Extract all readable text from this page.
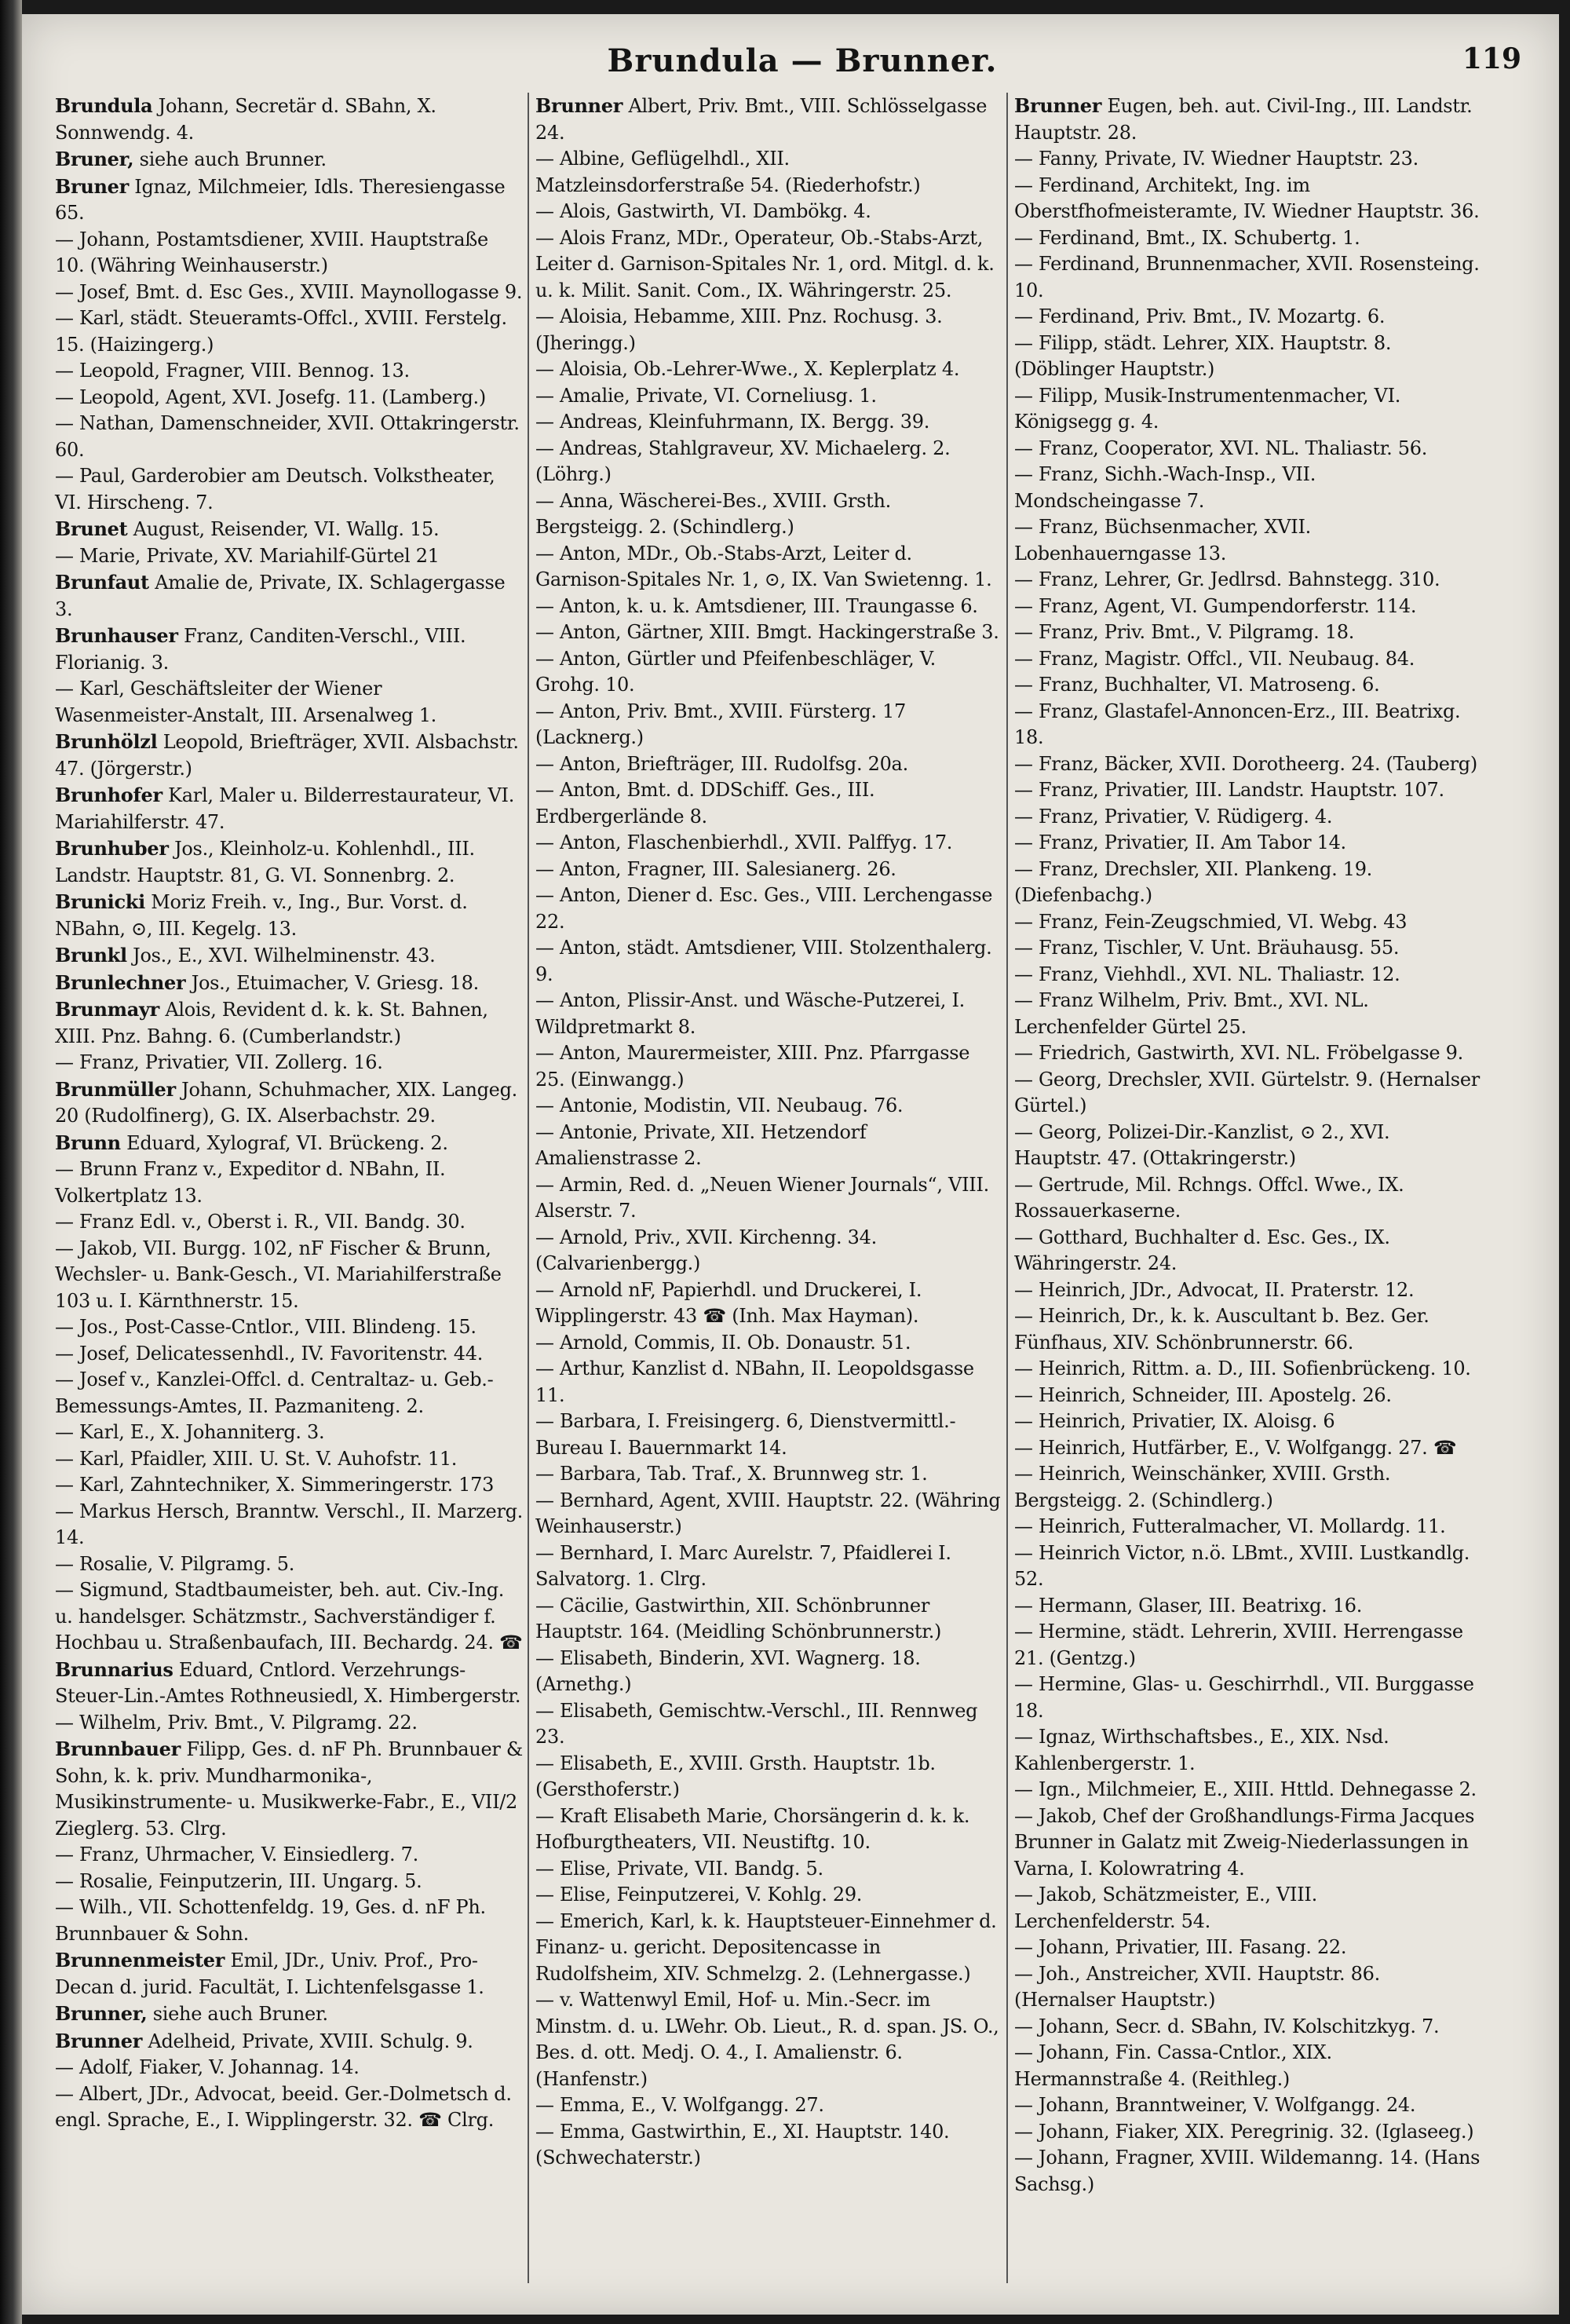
Brundula — Brunner.	119

Brundula Johann, Secretär d. SBahn, X. Sonnwendg. 4.

Bruner, siehe auch Brunner.

Bruner Ignaz, Milchmeier, Idls. Theresiengasse 65.

— Johann, Postamtsdiener, XVIII. Hauptstraße 10. (Währing Weinhauserstr.)

— Josef, Bmt. d. Esc Ges., XVIII. Maynollogasse 9.

— Karl, städt. Steueramts-Offcl., XVIII. Ferstelg. 15. (Haizingerg.)

— Leopold, Fragner, VIII. Bennog. 13.

— Leopold, Agent, XVI. Josefg. 11. (Lamberg.)

— Nathan, Damenschneider, XVII. Ottakringerstr. 60.

— Paul, Garderobier am Deutsch. Volkstheater, VI. Hirscheng. 7.

Brunet August, Reisender, VI. Wallg. 15.

— Marie, Private, XV. Mariahilf-Gürtel 21

Brunfaut Amalie de, Private, IX. Schlagergasse 3.

Brunhauser Franz, Canditen-Verschl., VIII. Florianig. 3.

— Karl, Geschäftsleiter der Wiener Wasenmeister-Anstalt, III. Arsenalweg 1.

Brunhölzl Leopold, Briefträger, XVII. Alsbachstr. 47. (Jörgerstr.)

Brunhofer Karl, Maler u. Bilderrestaurateur, VI. Mariahilferstr. 47.

Brunhuber Jos., Kleinholz-u. Kohlenhdl., III. Landstr. Hauptstr. 81, G. VI. Sonnenbrg. 2.

Brunicki Moriz Freih. v., Ing., Bur. Vorst. d. NBahn, ⊙, III. Kegelg. 13.

Brunkl Jos., E., XVI. Wilhelminenstr. 43.

Brunlechner Jos., Etuimacher, V. Griesg. 18.

Brunmayr Alois, Revident d. k. k. St. Bahnen, XIII. Pnz. Bahng. 6. (Cumberlandstr.)

— Franz, Privatier, VII. Zollerg. 16.

Brunmüller Johann, Schuhmacher, XIX. Langeg. 20 (Rudolfinerg), G. IX. Alserbachstr. 29.

Brunn Eduard, Xylograf, VI. Brückeng. 2.

— Brunn Franz v., Expeditor d. NBahn, II. Volkertplatz 13.

— Franz Edl. v., Oberst i. R., VII. Bandg. 30.

— Jakob, VII. Burgg. 102, nF Fischer & Brunn, Wechsler- u. Bank-Gesch., VI. Mariahilferstraße 103 u. I. Kärnthnerstr. 15.

— Jos., Post-Casse-Cntlor., VIII. Blindeng. 15.

— Josef, Delicatessenhdl., IV. Favoritenstr. 44.

— Josef v., Kanzlei-Offcl. d. Centraltaz- u. Geb.-Bemessungs-Amtes, II. Pazmaniteng. 2.

— Karl, E., X. Johanniterg. 3.

— Karl, Pfaidler, XIII. U. St. V. Auhofstr. 11.

— Karl, Zahntechniker, X. Simmeringerstr. 173

— Markus Hersch, Branntw. Verschl., II. Marzerg. 14.

— Rosalie, V. Pilgramg. 5.

— Sigmund, Stadtbaumeister, beh. aut. Civ.-Ing. u. handelsger. Schätzmstr., Sachverständiger f. Hochbau u. Straßenbaufach, III. Bechardg. 24. ☎

Brunnarius Eduard, Cntlord. Verzehrungs-Steuer-Lin.-Amtes Rothneusiedl, X. Himbergerstr.

— Wilhelm, Priv. Bmt., V. Pilgramg. 22.

Brunnbauer Filipp, Ges. d. nF Ph. Brunnbauer & Sohn, k. k. priv. Mundharmonika-, Musikinstrumente- u. Musikwerke-Fabr., E., VII/2 Zieglerg. 53. Clrg.

— Franz, Uhrmacher, V. Einsiedlerg. 7.

— Rosalie, Feinputzerin, III. Ungarg. 5.

— Wilh., VII. Schottenfeldg. 19, Ges. d. nF Ph. Brunnbauer & Sohn.

Brunnenmeister Emil, JDr., Univ. Prof., Pro-Decan d. jurid. Facultät, I. Lichtenfelsgasse 1.

Brunner, siehe auch Bruner.

Brunner Adelheid, Private, XVIII. Schulg. 9.

— Adolf, Fiaker, V. Johannag. 14.

— Albert, JDr., Advocat, beeid. Ger.-Dolmetsch d. engl. Sprache, E., I. Wipplingerstr. 32. ☎ Clrg.

Brunner Albert, Priv. Bmt., VIII. Schlösselgasse 24.

— Albine, Geflügelhdl., XII. Matzleinsdorferstraße 54. (Riederhofstr.)

— Alois, Gastwirth, VI. Dambökg. 4.

— Alois Franz, MDr., Operateur, Ob.-Stabs-Arzt, Leiter d. Garnison-Spitales Nr. 1, ord. Mitgl. d. k. u. k. Milit. Sanit. Com., IX. Währingerstr. 25.

— Aloisia, Hebamme, XIII. Pnz. Rochusg. 3. (Jheringg.)

— Aloisia, Ob.-Lehrer-Wwe., X. Keplerplatz 4.

— Amalie, Private, VI. Corneliusg. 1.

— Andreas, Kleinfuhrmann, IX. Bergg. 39.

— Andreas, Stahlgraveur, XV. Michaelerg. 2. (Löhrg.)

— Anna, Wäscherei-Bes., XVIII. Grsth. Bergsteigg. 2. (Schindlerg.)

— Anton, MDr., Ob.-Stabs-Arzt, Leiter d. Garnison-Spitales Nr. 1, ⊙, IX. Van Swietenng. 1.

— Anton, k. u. k. Amtsdiener, III. Traungasse 6.

— Anton, Gärtner, XIII. Bmgt. Hackingerstraße 3.

— Anton, Gürtler und Pfeifenbeschläger, V. Grohg. 10.

— Anton, Priv. Bmt., XVIII. Fürsterg. 17 (Lacknerg.)

— Anton, Briefträger, III. Rudolfsg. 20a.

— Anton, Bmt. d. DDSchiff. Ges., III. Erdbergerlände 8.

— Anton, Flaschenbierhdl., XVII. Palffyg. 17.

— Anton, Fragner, III. Salesianerg. 26.

— Anton, Diener d. Esc. Ges., VIII. Lerchengasse 22.

— Anton, städt. Amtsdiener, VIII. Stolzenthalerg. 9.

— Anton, Plissir-Anst. und Wäsche-Putzerei, I. Wildpretmarkt 8.

— Anton, Maurermeister, XIII. Pnz. Pfarrgasse 25. (Einwangg.)

— Antonie, Modistin, VII. Neubaug. 76.

— Antonie, Private, XII. Hetzendorf Amalienstrasse 2.

— Armin, Red. d. „Neuen Wiener Journals“, VIII. Alserstr. 7.

— Arnold, Priv., XVII. Kirchenng. 34. (Calvarienbergg.)

— Arnold nF, Papierhdl. und Druckerei, I. Wipplingerstr. 43 ☎ (Inh. Max Hayman).

— Arnold, Commis, II. Ob. Donaustr. 51.

— Arthur, Kanzlist d. NBahn, II. Leopoldsgasse 11.

— Barbara, I. Freisingerg. 6, Dienstvermittl.-Bureau I. Bauernmarkt 14.

— Barbara, Tab. Traf., X. Brunnweg str. 1.

— Bernhard, Agent, XVIII. Hauptstr. 22. (Währing Weinhauserstr.)

— Bernhard, I. Marc Aurelstr. 7, Pfaidlerei I. Salvatorg. 1. Clrg.

— Cäcilie, Gastwirthin, XII. Schönbrunner Hauptstr. 164. (Meidling Schönbrunnerstr.)

— Elisabeth, Binderin, XVI. Wagnerg. 18. (Arnethg.)

— Elisabeth, Gemischtw.-Verschl., III. Rennweg 23.

— Elisabeth, E., XVIII. Grsth. Hauptstr. 1b. (Gersthoferstr.)

— Kraft Elisabeth Marie, Chorsängerin d. k. k. Hofburgtheaters, VII. Neustiftg. 10.

— Elise, Private, VII. Bandg. 5.

— Elise, Feinputzerei, V. Kohlg. 29.

— Emerich, Karl, k. k. Hauptsteuer-Einnehmer d. Finanz- u. gericht. Depositencasse in Rudolfsheim, XIV. Schmelzg. 2. (Lehnergasse.)

— v. Wattenwyl Emil, Hof- u. Min.-Secr. im Minstm. d. u. LWehr. Ob. Lieut., R. d. span. JS. O., Bes. d. ott. Medj. O. 4., I. Amalienstr. 6. (Hanfenstr.)

— Emma, E., V. Wolfgangg. 27.

— Emma, Gastwirthin, E., XI. Hauptstr. 140. (Schwechaterstr.)

Brunner Eugen, beh. aut. Civil-Ing., III. Landstr. Hauptstr. 28.

— Fanny, Private, IV. Wiedner Hauptstr. 23.

— Ferdinand, Architekt, Ing. im Oberstfhofmeisteramte, IV. Wiedner Hauptstr. 36.

— Ferdinand, Bmt., IX. Schubertg. 1.

— Ferdinand, Brunnenmacher, XVII. Rosensteing. 10.

— Ferdinand, Priv. Bmt., IV. Mozartg. 6.

— Filipp, städt. Lehrer, XIX. Hauptstr. 8. (Döblinger Hauptstr.)

— Filipp, Musik-Instrumentenmacher, VI. Königsegg g. 4.

— Franz, Cooperator, XVI. NL. Thaliastr. 56.

— Franz, Sichh.-Wach-Insp., VII. Mondscheingasse 7.

— Franz, Büchsenmacher, XVII. Lobenhauerngasse 13.

— Franz, Lehrer, Gr. Jedlrsd. Bahnstegg. 310.

— Franz, Agent, VI. Gumpendorferstr. 114.

— Franz, Priv. Bmt., V. Pilgramg. 18.

— Franz, Magistr. Offcl., VII. Neubaug. 84.

— Franz, Buchhalter, VI. Matroseng. 6.

— Franz, Glastafel-Annoncen-Erz., III. Beatrixg. 18.

— Franz, Bäcker, XVII. Dorotheerg. 24. (Tauberg)

— Franz, Privatier, III. Landstr. Hauptstr. 107.

— Franz, Privatier, V. Rüdigerg. 4.

— Franz, Privatier, II. Am Tabor 14.

— Franz, Drechsler, XII. Plankeng. 19. (Diefenbachg.)

— Franz, Fein-Zeugschmied, VI. Webg. 43

— Franz, Tischler, V. Unt. Bräuhausg. 55.

— Franz, Viehhdl., XVI. NL. Thaliastr. 12.

— Franz Wilhelm, Priv. Bmt., XVI. NL. Lerchenfelder Gürtel 25.

— Friedrich, Gastwirth, XVI. NL. Fröbelgasse 9.

— Georg, Drechsler, XVII. Gürtelstr. 9. (Hernalser Gürtel.)

— Georg, Polizei-Dir.-Kanzlist, ⊙ 2., XVI. Hauptstr. 47. (Ottakringerstr.)

— Gertrude, Mil. Rchngs. Offcl. Wwe., IX. Rossauerkaserne.

— Gotthard, Buchhalter d. Esc. Ges., IX. Währingerstr. 24.

— Heinrich, JDr., Advocat, II. Praterstr. 12.

— Heinrich, Dr., k. k. Auscultant b. Bez. Ger. Fünfhaus, XIV. Schönbrunnerstr. 66.

— Heinrich, Rittm. a. D., III. Sofienbrückeng. 10.

— Heinrich, Schneider, III. Apostelg. 26.

— Heinrich, Privatier, IX. Aloisg. 6

— Heinrich, Hutfärber, E., V. Wolfgangg. 27. ☎

— Heinrich, Weinschänker, XVIII. Grsth. Bergsteigg. 2. (Schindlerg.)

— Heinrich, Futteralmacher, VI. Mollardg. 11.

— Heinrich Victor, n.ö. LBmt., XVIII. Lustkandlg. 52.

— Hermann, Glaser, III. Beatrixg. 16.

— Hermine, städt. Lehrerin, XVIII. Herrengasse 21. (Gentzg.)

— Hermine, Glas- u. Geschirrhdl., VII. Burggasse 18.

— Ignaz, Wirthschaftsbes., E., XIX. Nsd. Kahlenbergerstr. 1.

— Ign., Milchmeier, E., XIII. Httld. Dehnegasse 2.

— Jakob, Chef der Großhandlungs-Firma Jacques Brunner in Galatz mit Zweig-Niederlassungen in Varna, I. Kolowratring 4.

— Jakob, Schätzmeister, E., VIII. Lerchenfelderstr. 54.

— Johann, Privatier, III. Fasang. 22.

— Joh., Anstreicher, XVII. Hauptstr. 86. (Hernalser Hauptstr.)

— Johann, Secr. d. SBahn, IV. Kolschitzkyg. 7.

— Johann, Fin. Cassa-Cntlor., XIX. Hermannstraße 4. (Reithleg.)

— Johann, Branntweiner, V. Wolfgangg. 24.

— Johann, Fiaker, XIX. Peregrinig. 32. (Iglaseeg.)

— Johann, Fragner, XVIII. Wildemanng. 14. (Hans Sachsg.)
